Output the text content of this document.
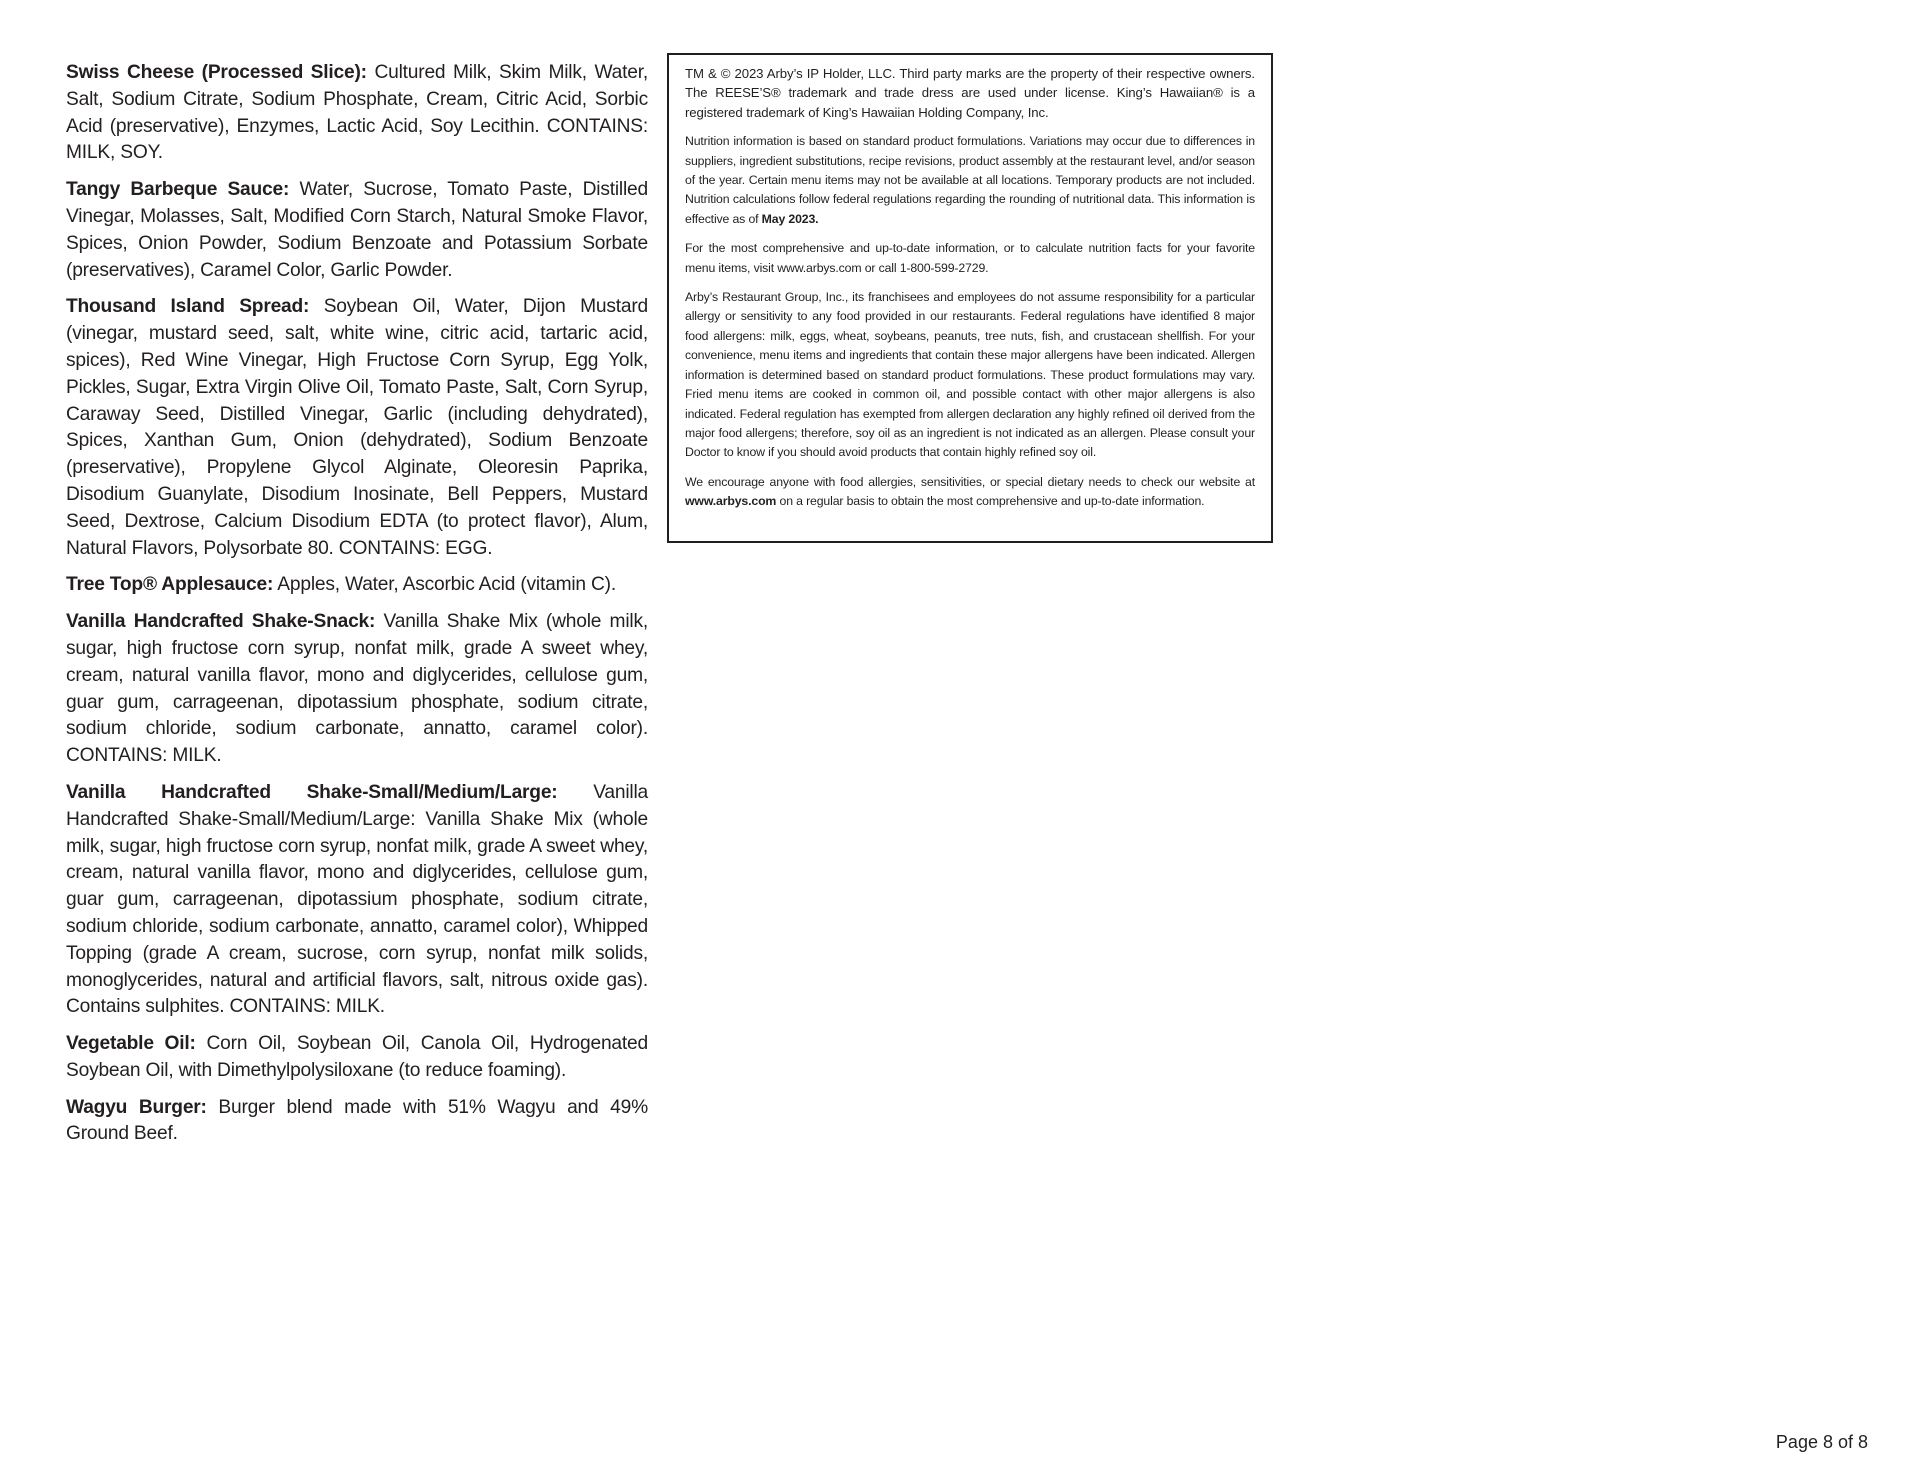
Swiss Cheese (Processed Slice): Cultured Milk, Skim Milk, Water, Salt, Sodium Citrate, Sodium Phosphate, Cream, Citric Acid, Sorbic Acid (preservative), Enzymes, Lactic Acid, Soy Lecithin. CONTAINS: MILK, SOY.

Tangy Barbeque Sauce: Water, Sucrose, Tomato Paste, Distilled Vinegar, Molasses, Salt, Modified Corn Starch, Natural Smoke Flavor, Spices, Onion Powder, Sodium Benzoate and Potassium Sorbate (preservatives), Caramel Color, Garlic Powder.

Thousand Island Spread: Soybean Oil, Water, Dijon Mustard (vinegar, mustard seed, salt, white wine, citric acid, tartaric acid, spices), Red Wine Vinegar, High Fructose Corn Syrup, Egg Yolk, Pickles, Sugar, Extra Virgin Olive Oil, Tomato Paste, Salt, Corn Syrup, Caraway Seed, Distilled Vinegar, Garlic (including dehydrated), Spices, Xanthan Gum, Onion (dehydrated), Sodium Benzoate (preservative), Propylene Glycol Alginate, Oleoresin Paprika, Disodium Guanylate, Disodium Inosinate, Bell Peppers, Mustard Seed, Dextrose, Calcium Disodium EDTA (to protect flavor), Alum, Natural Flavors, Polysorbate 80. CONTAINS: EGG.

Tree Top® Applesauce: Apples, Water, Ascorbic Acid (vitamin C).

Vanilla Handcrafted Shake-Snack: Vanilla Shake Mix (whole milk, sugar, high fructose corn syrup, nonfat milk, grade A sweet whey, cream, natural vanilla flavor, mono and diglycerides, cellulose gum, guar gum, carrageenan, dipotassium phosphate, sodium citrate, sodium chloride, sodium carbonate, annatto, caramel color). CONTAINS: MILK.

Vanilla Handcrafted Shake-Small/Medium/Large: Vanilla Handcrafted Shake-Small/Medium/Large: Vanilla Shake Mix (whole milk, sugar, high fructose corn syrup, nonfat milk, grade A sweet whey, cream, natural vanilla flavor, mono and diglycerides, cellulose gum, guar gum, carrageenan, dipotassium phosphate, sodium citrate, sodium chloride, sodium carbonate, annatto, caramel color), Whipped Topping (grade A cream, sucrose, corn syrup, nonfat milk solids, monoglycerides, natural and artificial flavors, salt, nitrous oxide gas). Contains sulphites. CONTAINS: MILK.

Vegetable Oil: Corn Oil, Soybean Oil, Canola Oil, Hydrogenated Soybean Oil, with Dimethylpolysiloxane (to reduce foaming).

Wagyu Burger: Burger blend made with 51% Wagyu and 49% Ground Beef.

TM & © 2023 Arby’s IP Holder, LLC. Third party marks are the property of their respective owners. The REESE’S® trademark and trade dress are used under license. King’s Hawaiian® is a registered trademark of King’s Hawaiian Holding Company, Inc.

Nutrition information is based on standard product formulations. Variations may occur due to differences in suppliers, ingredient substitutions, recipe revisions, product assembly at the restaurant level, and/or season of the year. Certain menu items may not be available at all locations. Temporary products are not included. Nutrition calculations follow federal regulations regarding the rounding of nutritional data. This information is effective as of May 2023.

For the most comprehensive and up-to-date information, or to calculate nutrition facts for your favorite menu items, visit www.arbys.com or call 1-800-599-2729.

Arby’s Restaurant Group, Inc., its franchisees and employees do not assume responsibility for a particular allergy or sensitivity to any food provided in our restaurants. Federal regulations have identified 8 major food allergens: milk, eggs, wheat, soybeans, peanuts, tree nuts, fish, and crustacean shellfish. For your convenience, menu items and ingredients that contain these major allergens have been indicated. Allergen information is determined based on standard product formulations. These product formulations may vary. Fried menu items are cooked in common oil, and possible contact with other major allergens is also indicated. Federal regulation has exempted from allergen declaration any highly refined oil derived from the major food allergens; therefore, soy oil as an ingredient is not indicated as an allergen. Please consult your Doctor to know if you should avoid products that contain highly refined soy oil.

We encourage anyone with food allergies, sensitivities, or special dietary needs to check our website at www.arbys.com on a regular basis to obtain the most comprehensive and up-to-date information.

Page 8 of 8
